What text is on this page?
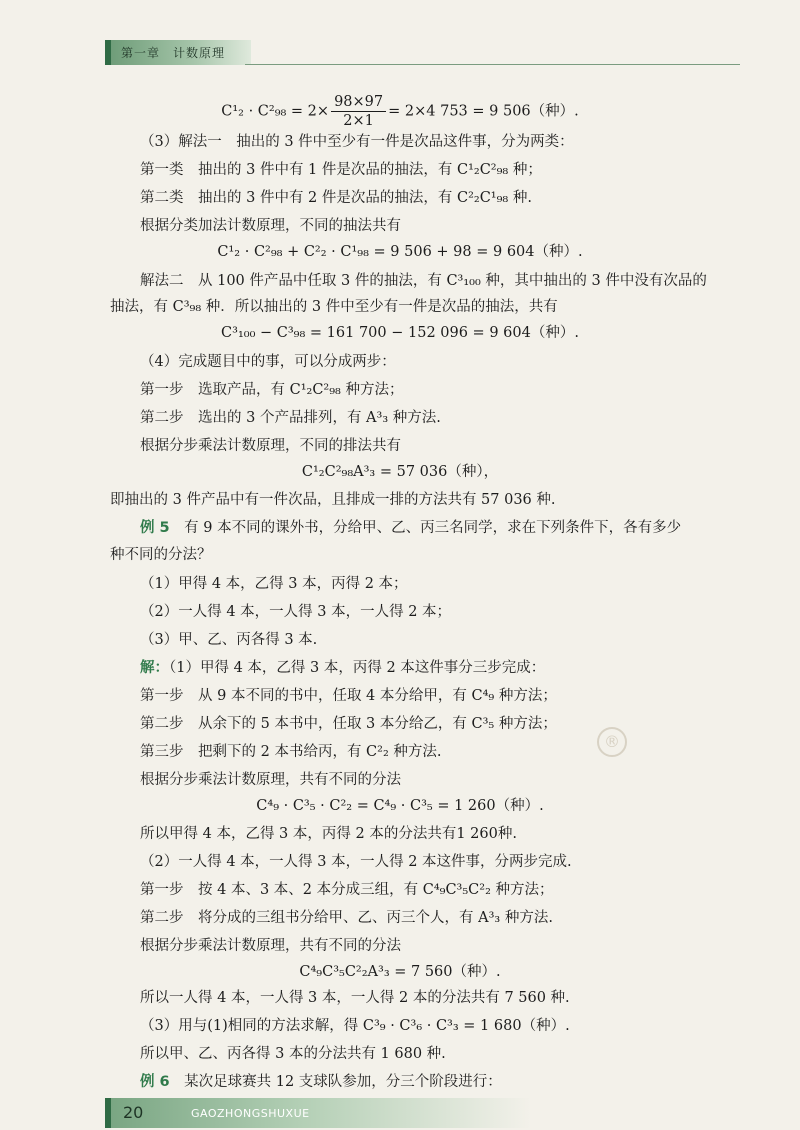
第一章　计数原理
$C^1_2 \cdot C^2_{98} = 2\times \frac{98\times 97}{2\times 1} = 2\times 4$ 753 = 9 506（种）.
（3）解法一　抽出的 3 件中至少有一件是次品这件事，分为两类：
第一类　抽出的 3 件中有 1 件是次品的抽法，有 C¹₂C²₉₈ 种；
第二类　抽出的 3 件中有 2 件是次品的抽法，有 C²₂C¹₉₈ 种.
根据分类加法计数原理，不同的抽法共有
C¹₂ · C²₉₈ + C²₂ · C¹₉₈ = 9 506 + 98 = 9 604（种）.
解法二　从 100 件产品中任取 3 件的抽法，有 C³₁₀₀ 种，其中抽出的 3 件中没有次品的
抽法，有 C³₉₈ 种．所以抽出的 3 件中至少有一件是次品的抽法，共有
C³₁₀₀ − C³₉₈ = 161 700 − 152 096 = 9 604（种）.
（4）完成题目中的事，可以分成两步：
第一步　选取产品，有 C¹₂C²₉₈ 种方法；
第二步　选出的 3 个产品排列，有 A³₃ 种方法.
根据分步乘法计数原理，不同的排法共有
C¹₂C²₉₈A³₃ = 57 036（种），
即抽出的 3 件产品中有一件次品，且排成一排的方法共有 57 036 种.
例 5　 有 9 本不同的课外书，分给甲、乙、丙三名同学，求在下列条件下，各有多少
种不同的分法？
（1）甲得 4 本，乙得 3 本，丙得 2 本；
（2）一人得 4 本，一人得 3 本，一人得 2 本；
（3）甲、乙、丙各得 3 本.
解：（1）甲得 4 本，乙得 3 本，丙得 2 本这件事分三步完成：
第一步　从 9 本不同的书中，任取 4 本分给甲，有 C⁴₉ 种方法；
第二步　从余下的 5 本书中，任取 3 本分给乙，有 C³₅ 种方法；
第三步　把剩下的 2 本书给丙，有 C²₂ 种方法.
根据分步乘法计数原理，共有不同的分法
C⁴₉ · C³₅ · C²₂ = C⁴₉ · C³₅ = 1 260（种）.
所以甲得 4 本，乙得 3 本，丙得 2 本的分法共有1 260种.
（2）一人得 4 本，一人得 3 本，一人得 2 本这件事，分两步完成.
第一步　按 4 本、3 本、2 本分成三组，有 C⁴₉C³₅C²₂ 种方法；
第二步　将分成的三组书分给甲、乙、丙三个人，有 A³₃ 种方法.
根据分步乘法计数原理，共有不同的分法
C⁴₉C³₅C²₂A³₃ = 7 560（种）.
所以一人得 4 本，一人得 3 本，一人得 2 本的分法共有 7 560 种.
（3）用与(1)相同的方法求解，得 C³₉ · C³₆ · C³₃ = 1 680（种）.
所以甲、乙、丙各得 3 本的分法共有 1 680 种.
例 6　 某次足球赛共 12 支球队参加，分三个阶段进行：
®
20	GAOZHONGSHUXUE
